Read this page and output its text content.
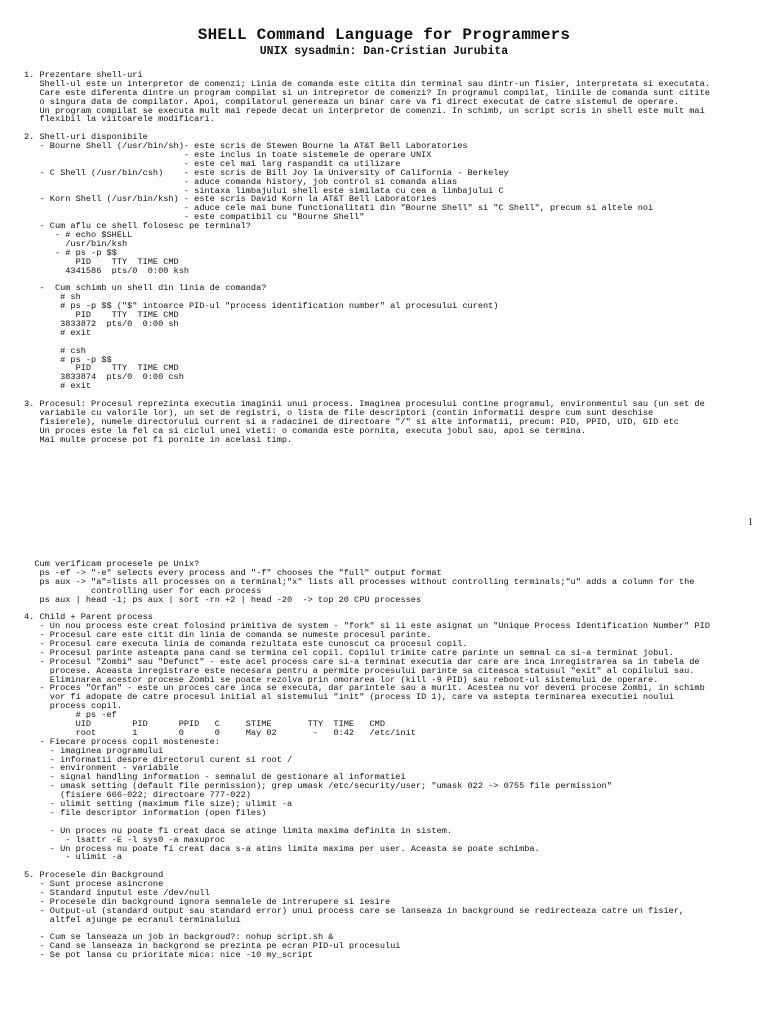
SHELL Command Language for Programmers
UNIX sysadmin: Dan-Cristian Jurubita
1. Prezentare shell-uri
Shell-ul este un interpretor de comenzi; Linia de comanda este citita din terminal sau dintr-un fisier, interpretata si executata.
Care este diferenta dintre un program compilat si un intrepretor de comenzi? In programul compilat, liniile de comanda sunt citite
o singura data de compilator. Apoi, compilatorul genereaza un binar care va fi direct executat de catre sistemul de operare.
Un program compilat se executa mult mai repede decat un interpretor de comenzi. In schimb, un script scris in shell este mult mai
flexibil la viitoarele modificari.
2. Shell-uri disponibile
- Bourne Shell (/usr/bin/sh)- este scris de Stewen Bourne la AT&T Bell Laboratories
- este inclus in toate sistemele de operare UNIX
- este cel mai larg raspandit ca utilizare
- C Shell (/usr/bin/csh)    - este scris de Bill Joy la University of California - Berkeley
- aduce comanda history, job control si comanda alias
- sintaxa limbajului shell este similata cu cea a limbajului C
- Korn Shell (/usr/bin/ksh) - este scris David Korn la AT&T Bell Laboratories
- aduce cele mai bune functionalitati din "Bourne Shell" si "C Shell", precum si altele noi
- este compatibil cu "Bourne Shell"
- Cum aflu ce shell folosesc pe terminal?
- # echo $SHELL
/usr/bin/ksh
- # ps -p $$
PID    TTY  TIME CMD
4341586  pts/0  0:00 ksh
-  Cum schimb un shell din linia de comanda?
# sh
# ps -p $$ ("$" intoarce PID-ul "process identification number" al procesului curent)
PID    TTY  TIME CMD
3833872  pts/0  0:00 sh
# exit
# csh
# ps -p $$
PID    TTY  TIME CMD
3833874  pts/0  0:00 csh
# exit
3. Procesul: Procesul reprezinta executia imaginii unui process. Imaginea procesului contine programul, environmentul sau (un set de
variabile cu valorile lor), un set de registri, o lista de file descriptori (contin informatii despre cum sunt deschise
fisierele), numele directorului current si a radacinei de directoare "/" si alte informatii, precum: PID, PPID, UID, GID etc
Un proces este la fel ca si ciclul unei vieti: o comanda este pornita, executa jobul sau, apoi se termina.
Mai multe procese pot fi pornite in acelasi timp.
1
Cum verificam procesele pe Unix?
ps -ef -> "-e" selects every process and "-f" chooses the "full" output format
ps aux -> "a"=lists all processes on a terminal;"x" lists all processes without controlling terminals;"u" adds a column for the
controlling user for each process
ps aux | head -1; ps aux | sort -rn +2 | head -20  -> top 20 CPU processes
4. Child + Parent process
- Un nou process este creat folosind primitiva de system - "fork" si ii este asignat un "Unique Process Identification Number" PID
- Procesul care este citit din linia de comanda se numeste procesul parinte.
- Procesul care executa linia de comanda rezultata este cunoscut ca procesul copil.
- Procesul parinte asteapta pana cand se termina cel copil. Copilul trimite catre parinte un semnal ca si-a terminat jobul.
- Procesul "Zombi" sau "Defunct" - este acel process care si-a terminat executia dar care are inca inregistrarea sa in tabela de
procese. Aceasta inregistrare este necesara pentru a permite procesului parinte sa citeasca statusul "exit" al copilului sau.
Eliminarea acestor procese Zombi se poate rezolva prin omorarea lor (kill -9 PID) sau reboot-ul sistemului de operare.
- Proces "Orfan" - este un proces care inca se executa, dar parintele sau a murit. Acestea nu vor deveni procese Zombi, in schimb
vor fi adopate de catre procesul initial al sistemului "init" (process ID 1), care va astepta terminarea executiei noului
process copil.
# ps -ef
UID        PID      PPID   C     STIME       TTY  TIME   CMD
root       1        0      0     May 02       -   0:42   /etc/init
- Fiecare process copil mosteneste:
- imaginea programului
- informatii despre directorul curent si root /
- environment - variabile
- signal handling information - semnalul de gestionare al informatiei
- umask setting (default file permission); grep umask /etc/security/user; "umask 022 -> 0755 file permission"
(fisiere 666-022; directoare 777-022)
- ulimit setting (maximum file size); ulimit -a
- file descriptor information (open files)
- Un proces nu poate fi creat daca se atinge limita maxima definita in sistem.
- lsattr -E -l sys0 -a maxuproc
- Un process nu poate fi creat daca s-a atins limita maxima per user. Aceasta se poate schimba.
- ulimit -a
5. Procesele din Background
- Sunt procese asincrone
- Standard inputul este /dev/null
- Procesele din background ignora semnalele de intrerupere si iesire
- Output-ul (standard output sau standard error) unui process care se lanseaza in background se redirecteaza catre un fisier,
altfel ajunge pe ecranul terminalului
- Cum se lanseaza un job in backgroud?: nohup script.sh &
- Cand se lanseaza in backgrond se prezinta pe ecran PID-ul procesului
- Se pot lansa cu prioritate mica: nice -10 my_script
